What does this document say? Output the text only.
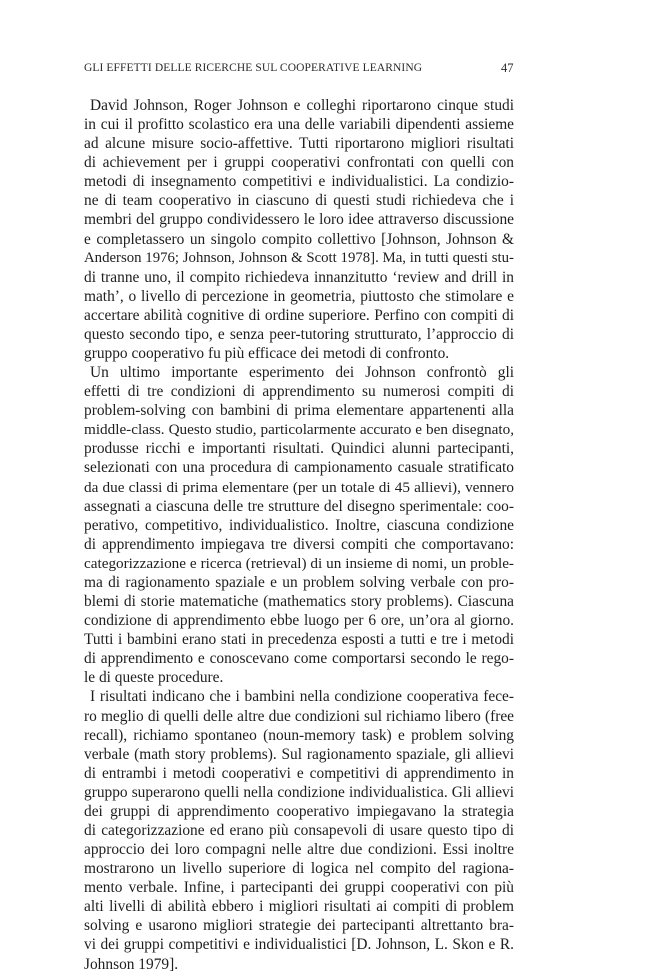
GLI EFFETTI DELLE RICERCHE SUL COOPERATIVE LEARNING	47
David Johnson, Roger Johnson e colleghi riportarono cinque studi
in cui il profitto scolastico era una delle variabili dipendenti assieme
ad alcune misure socio-affettive. Tutti riportarono migliori risultati
di achievement per i gruppi cooperativi confrontati con quelli con
metodi di insegnamento competitivi e individualistici. La condizio-
ne di team cooperativo in ciascuno di questi studi richiedeva che i
membri del gruppo condividessero le loro idee attraverso discussione
e completassero un singolo compito collettivo [Johnson, Johnson &
Anderson 1976; Johnson, Johnson & Scott 1978]. Ma, in tutti questi stu-
di tranne uno, il compito richiedeva innanzitutto ‘review and drill in
math’, o livello di percezione in geometria, piuttosto che stimolare e
accertare abilità cognitive di ordine superiore. Perfino con compiti di
questo secondo tipo, e senza peer-tutoring strutturato, l’approccio di
gruppo cooperativo fu più efficace dei metodi di confronto.
Un ultimo importante esperimento dei Johnson confrontò gli
effetti di tre condizioni di apprendimento su numerosi compiti di
problem-solving con bambini di prima elementare appartenenti alla
middle-class. Questo studio, particolarmente accurato e ben disegnato,
produsse ricchi e importanti risultati. Quindici alunni partecipanti,
selezionati con una procedura di campionamento casuale stratificato
da due classi di prima elementare (per un totale di 45 allievi), vennero
assegnati a ciascuna delle tre strutture del disegno sperimentale: coo-
perativo, competitivo, individualistico. Inoltre, ciascuna condizione
di apprendimento impiegava tre diversi compiti che comportavano:
categorizzazione e ricerca (retrieval) di un insieme di nomi, un proble-
ma di ragionamento spaziale e un problem solving verbale con pro-
blemi di storie matematiche (mathematics story problems). Ciascuna
condizione di apprendimento ebbe luogo per 6 ore, un’ora al giorno.
Tutti i bambini erano stati in precedenza esposti a tutti e tre i metodi
di apprendimento e conoscevano come comportarsi secondo le rego-
le di queste procedure.
I risultati indicano che i bambini nella condizione cooperativa fece-
ro meglio di quelli delle altre due condizioni sul richiamo libero (free
recall), richiamo spontaneo (noun-memory task) e problem solving
verbale (math story problems). Sul ragionamento spaziale, gli allievi
di entrambi i metodi cooperativi e competitivi di apprendimento in
gruppo superarono quelli nella condizione individualistica. Gli allievi
dei gruppi di apprendimento cooperativo impiegavano la strategia
di categorizzazione ed erano più consapevoli di usare questo tipo di
approccio dei loro compagni nelle altre due condizioni. Essi inoltre
mostrarono un livello superiore di logica nel compito del ragiona-
mento verbale. Infine, i partecipanti dei gruppi cooperativi con più
alti livelli di abilità ebbero i migliori risultati ai compiti di problem
solving e usarono migliori strategie dei partecipanti altrettanto bra-
vi dei gruppi competitivi e individualistici [D. Johnson, L. Skon e R.
Johnson 1979].
